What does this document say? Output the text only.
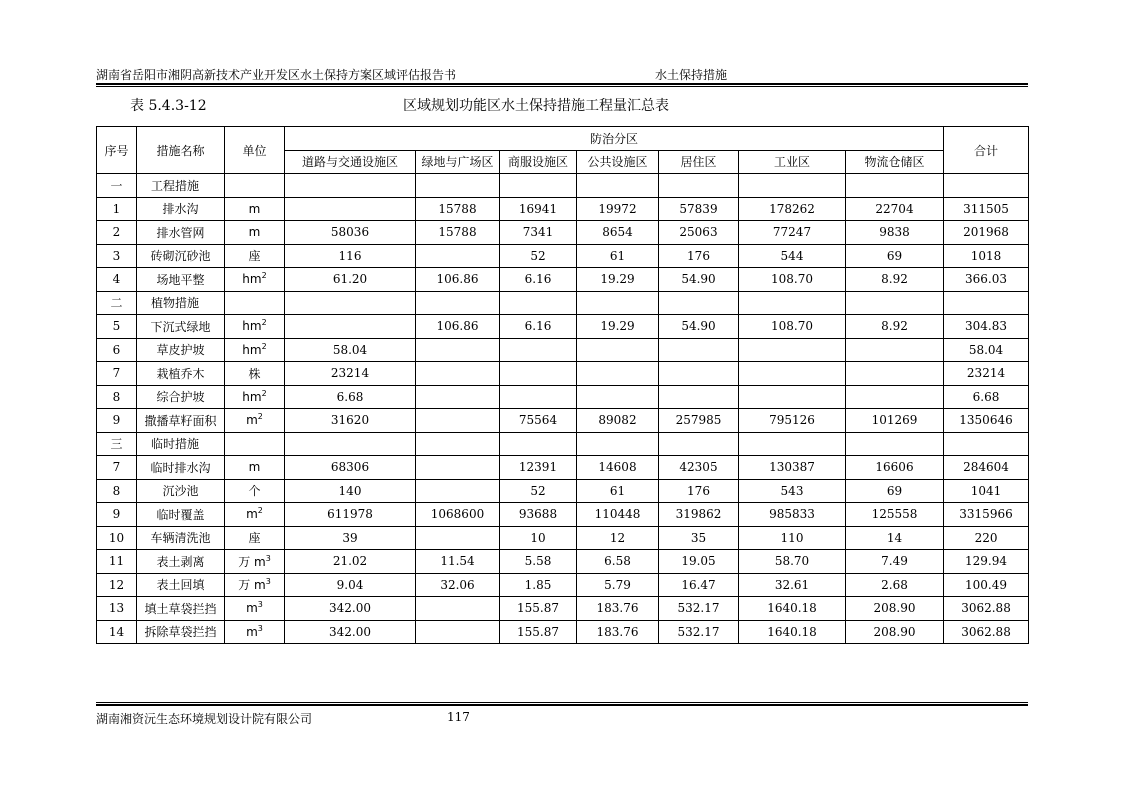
湖南省岳阳市湘阴高新技术产业开发区水土保持方案区域评估报告书	水土保持措施
表 5.4.3-12	区域规划功能区水土保持措施工程量汇总表
序号	措施名称	单位	防治分区							合计
			道路与交通设施区	绿地与广场区	商服设施区	公共设施区	居住区	工业区	物流仓储区	
一	工程措施									
1	排水沟	m		15788	16941	19972	57839	178262	22704	311505
2	排水管网	m	58036	15788	7341	8654	25063	77247	9838	201968
3	砖砌沉砂池	座	116		52	61	176	544	69	1018
4	场地平整	$hm^2$	61.20	106.86	6.16	19.29	54.90	108.70	8.92	366.03
二	植物措施									
5	下沉式绿地	$hm^2$		106.86	6.16	19.29	54.90	108.70	8.92	304.83
6	草皮护坡	$hm^2$	58.04							58.04
7	栽植乔木	株	23214							23214
8	综合护坡	$hm^2$	6.68							6.68
9	撒播草籽面积	$m^2$	31620		75564	89082	257985	795126	101269	1350646
三	临时措施									
7	临时排水沟	m	68306		12391	14608	42305	130387	16606	284604
8	沉沙池	个	140		52	61	176	543	69	1041
9	临时覆盖	$m^2$	611978	1068600	93688	110448	319862	985833	125558	3315966
10	车辆清洗池	座	39		10	12	35	110	14	220
11	表土剥离	万 $m^3$	21.02	11.54	5.58	6.58	19.05	58.70	7.49	129.94
12	表土回填	万 $m^3$	9.04	32.06	1.85	5.79	16.47	32.61	2.68	100.49
13	填土草袋拦挡	$m^3$	342.00		155.87	183.76	532.17	1640.18	208.90	3062.88
14	拆除草袋拦挡	$m^3$	342.00		155.87	183.76	532.17	1640.18	208.90	3062.88
湖南湘资沅生态环境规划设计院有限公司	117
